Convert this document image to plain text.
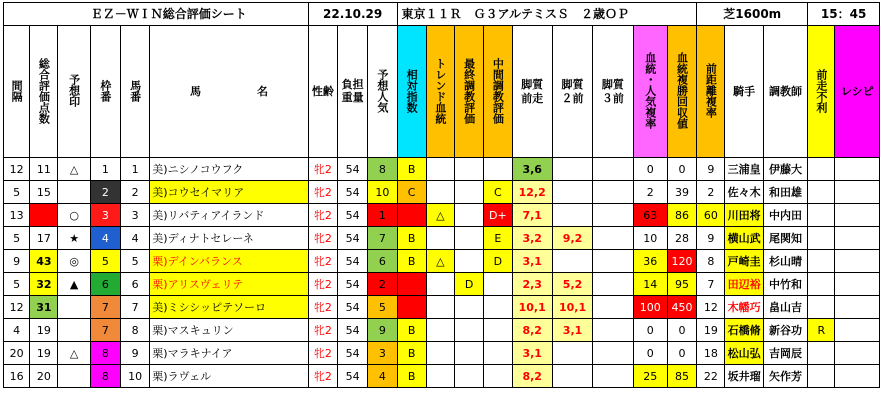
	ＥＺ－ＷＩＮ総合評価シート					22.10.29			東京１１Ｒ　Ｇ３アルテミスＳ　２歳ＯＰ									芝1600m			15：45	
間隔	総合評価点数	予想印	枠番	馬番	馬 名	性齢	負担重量	予想人気	相対指数	トレンド血統	最終調教評価	中間調教評価	脚質前走	脚質２前	脚質３前	血統・人気複率	血統複勝回収値	前距離複率	騎手	調教師	前走不利	レシピ
12	11	△	1	1	美)ニシノコウフク	牝2	54	8	B				3,6			0	0	9	三浦皇	伊藤大		
5	15		2	2	美)コウセイマリア	牝2	54	10	C			C	12,2			2	39	2	佐々木	和田雄		
13	53	○	3	3	美)リバティアイランド	牝2	54	1	A	△		D+	7,1			63	86	60	川田将	中内田		
5	17	★	4	4	美)ディナトセレーネ	牝2	54	7	B			E	3,2	9,2		10	28	9	横山武	尾関知		
9	43	◎	5	5	栗)デインバランス	牝2	54	6	B	△		D	3,1			36	120	8	戸崎圭	杉山晴		
5	32	▲	6	6	栗)アリスヴェリテ	牝2	54	2	A		D		2,3	5,2		14	95	7	田辺裕	中竹和		
12	31		7	7	美)ミシシッピテソーロ	牝2	54	5	A				10,1	10,1		100	450	12	木幡巧	畠山吉		
4	19		7	8	栗)マスキュリン	牝2	54	9	B				8,2	3,1		0	0	19	石橋脩	新谷功	R	
20	19	△	8	9	栗)マラキナイア	牝2	54	3	B				3,1			0	0	18	松山弘	吉岡辰		
16	20		8	10	栗)ラヴェル	牝2	54	4	B				8,2			25	85	22	坂井瑠	矢作芳		
